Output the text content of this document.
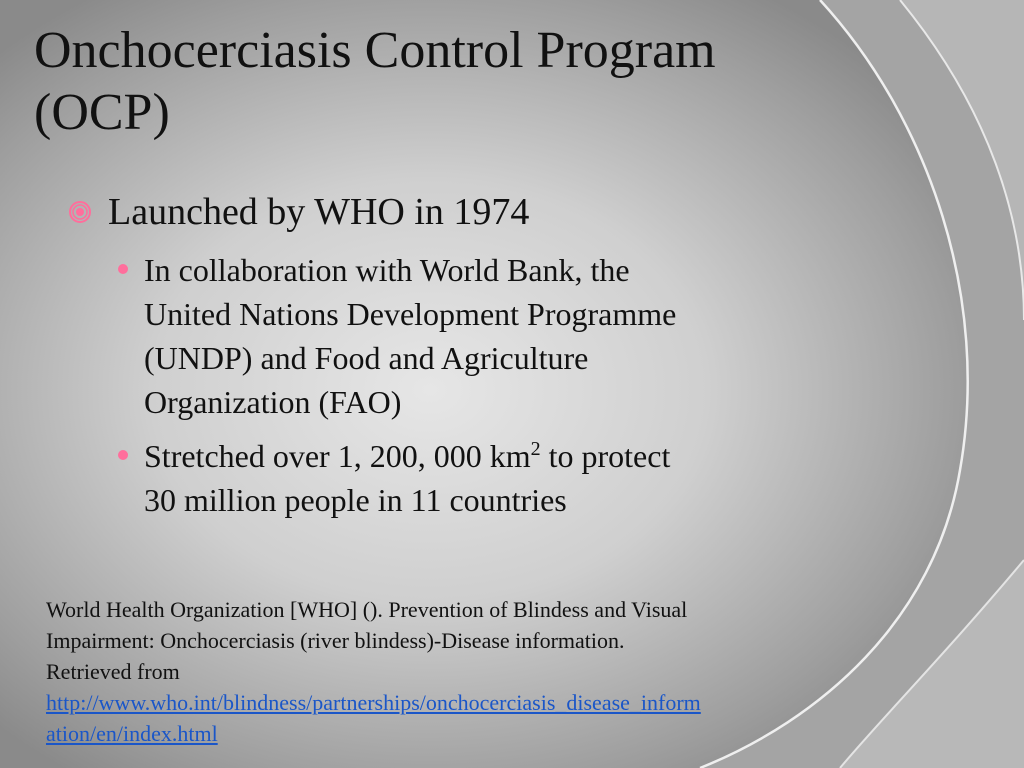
Onchocerciasis Control Program
(OCP)
Launched by WHO in 1974
In collaboration with World Bank, the
United Nations Development Programme
(UNDP) and Food and Agriculture
Organization (FAO)
Stretched over 1, 200, 000 $km^2$ to protect
30 million people in 11 countries
World Health Organization [WHO] (). Prevention of Blindess and Visual
Impairment: Onchocerciasis (river blindess)-Disease information.
Retrieved from
http://www.who.int/blindness/partnerships/onchocerciasis_disease_inform
ation/en/index.html
